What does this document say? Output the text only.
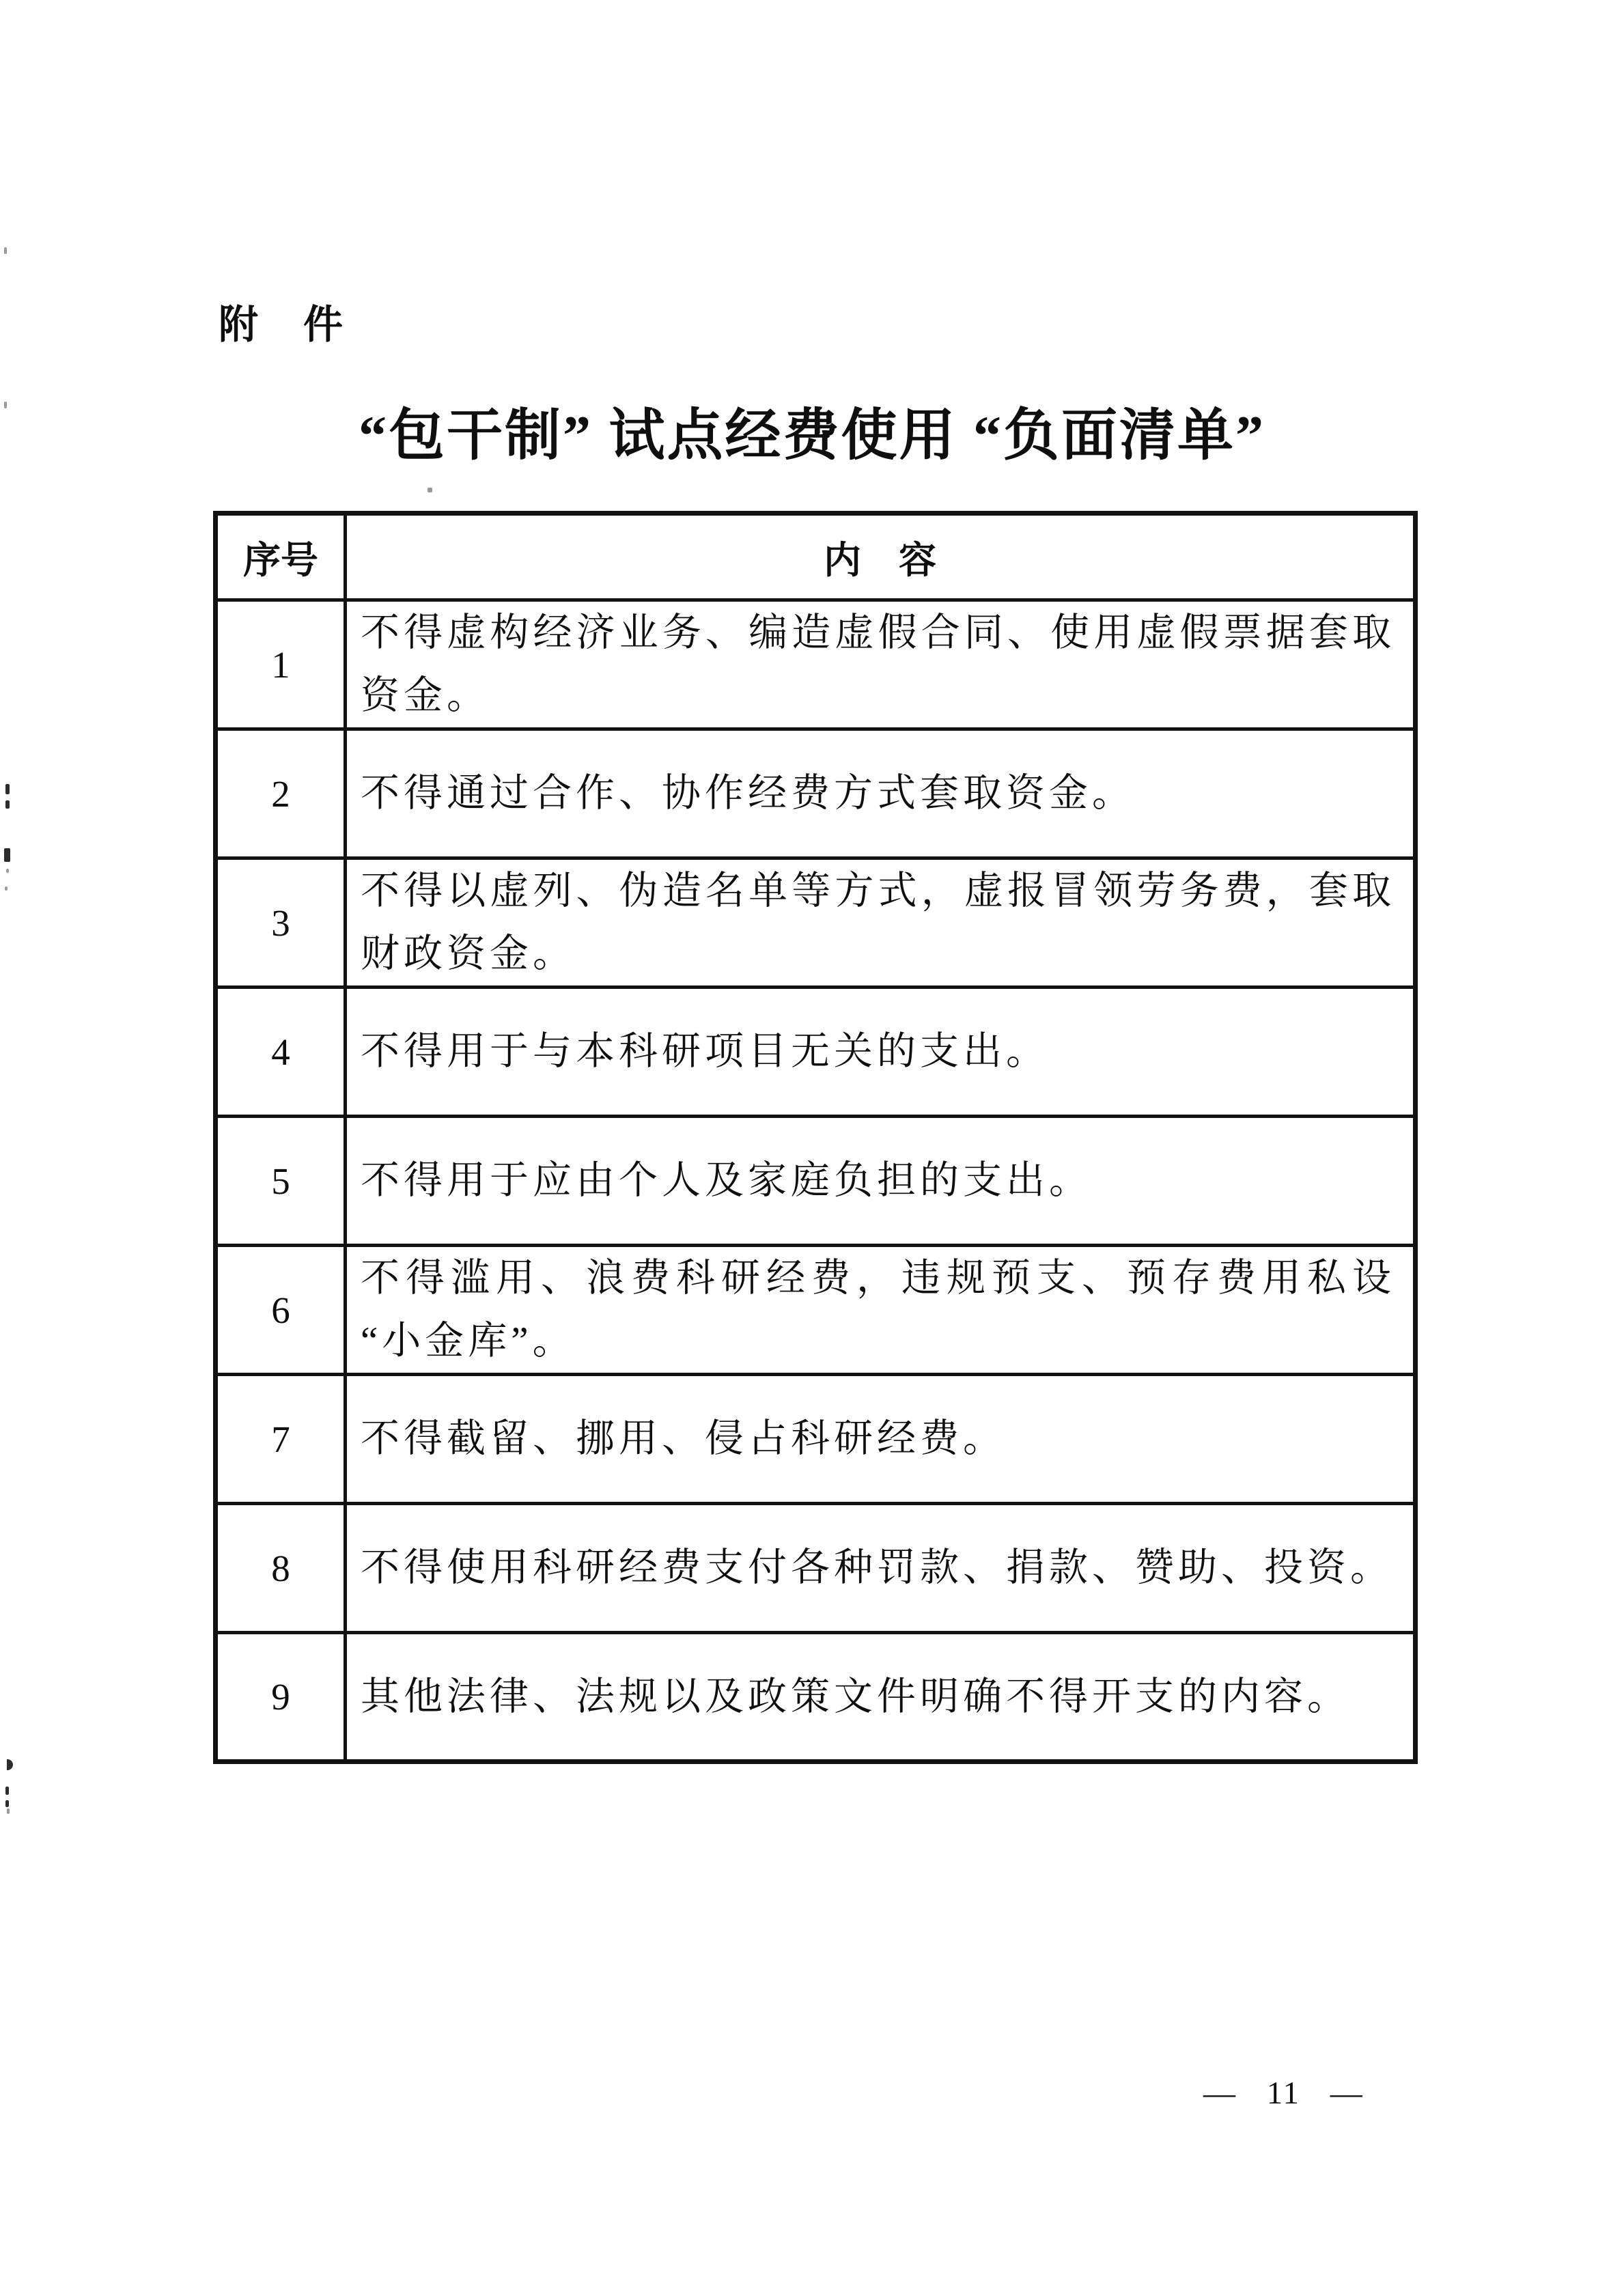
附　件
“包干制” 试点经费使用 “负面清单”
序号	内　容
1	不得虚构经济业务、编造虚假合同、使用虚假票据套取
资金。

2	不得通过合作、协作经费方式套取资金。

3	不得以虚列、伪造名单等方式，虚报冒领劳务费，套取
财政资金。

4	不得用于与本科研项目无关的支出。

5	不得用于应由个人及家庭负担的支出。

6	不得滥用、浪费科研经费，违规预支、预存费用私设
“小金库”。

7	不得截留、挪用、侵占科研经费。

8	不得使用科研经费支付各种罚款、捐款、赞助、投资。

9	其他法律、法规以及政策文件明确不得开支的内容。
— 11 —
